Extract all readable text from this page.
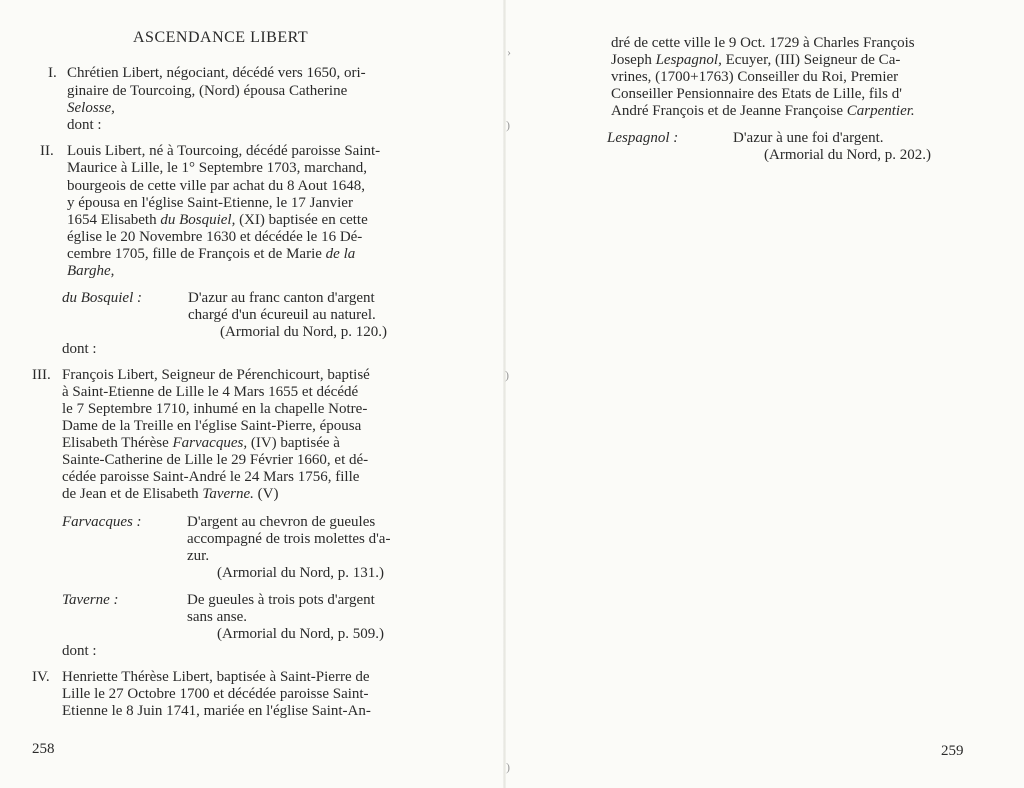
ASCENDANCE LIBERT
I. Chrétien Libert, négociant, décédé vers 1650, ori-
ginaire de Tourcoing, (Nord) épousa Catherine
Selosse,
dont :
II. Louis Libert, né à Tourcoing, décédé paroisse Saint-
Maurice à Lille, le 1° Septembre 1703, marchand,
bourgeois de cette ville par achat du 8 Aout 1648,
y épousa en l'église Saint-Etienne, le 17 Janvier
1654 Elisabeth du Bosquiel, (XI) baptisée en cette
église le 20 Novembre 1630 et décédée le 16 Dé-
cembre 1705, fille de François et de Marie de la
Barghe,
du Bosquiel :	D'azur au franc canton d'argent
chargé d'un écureuil au naturel.
(Armorial du Nord, p. 120.)
dont :
III. François Libert, Seigneur de Pérenchicourt, baptisé
à Saint-Etienne de Lille le 4 Mars 1655 et décédé
le 7 Septembre 1710, inhumé en la chapelle Notre-
Dame de la Treille en l'église Saint-Pierre, épousa
Elisabeth Thérèse Farvacques, (IV) baptisée à
Sainte-Catherine de Lille le 29 Février 1660, et dé-
cédée paroisse Saint-André le 24 Mars 1756, fille
de Jean et de Elisabeth Taverne. (V)
Farvacques :	D'argent au chevron de gueules
accompagné de trois molettes d'a-
zur.
(Armorial du Nord, p. 131.)
Taverne :	De gueules à trois pots d'argent
sans anse.
(Armorial du Nord, p. 509.)
dont :
IV. Henriette Thérèse Libert, baptisée à Saint-Pierre de
Lille le 27 Octobre 1700 et décédée paroisse Saint-
Etienne le 8 Juin 1741, mariée en l'église Saint-An-
258
›
)
)
)
dré de cette ville le 9 Oct. 1729 à Charles François
Joseph Lespagnol, Ecuyer, (III) Seigneur de Ca-
vrines, (1700+1763) Conseiller du Roi, Premier
Conseiller Pensionnaire des Etats de Lille, fils d'
André François et de Jeanne Françoise Carpentier.
Lespagnol :	D'azur à une foi d'argent.
(Armorial du Nord, p. 202.)
259
